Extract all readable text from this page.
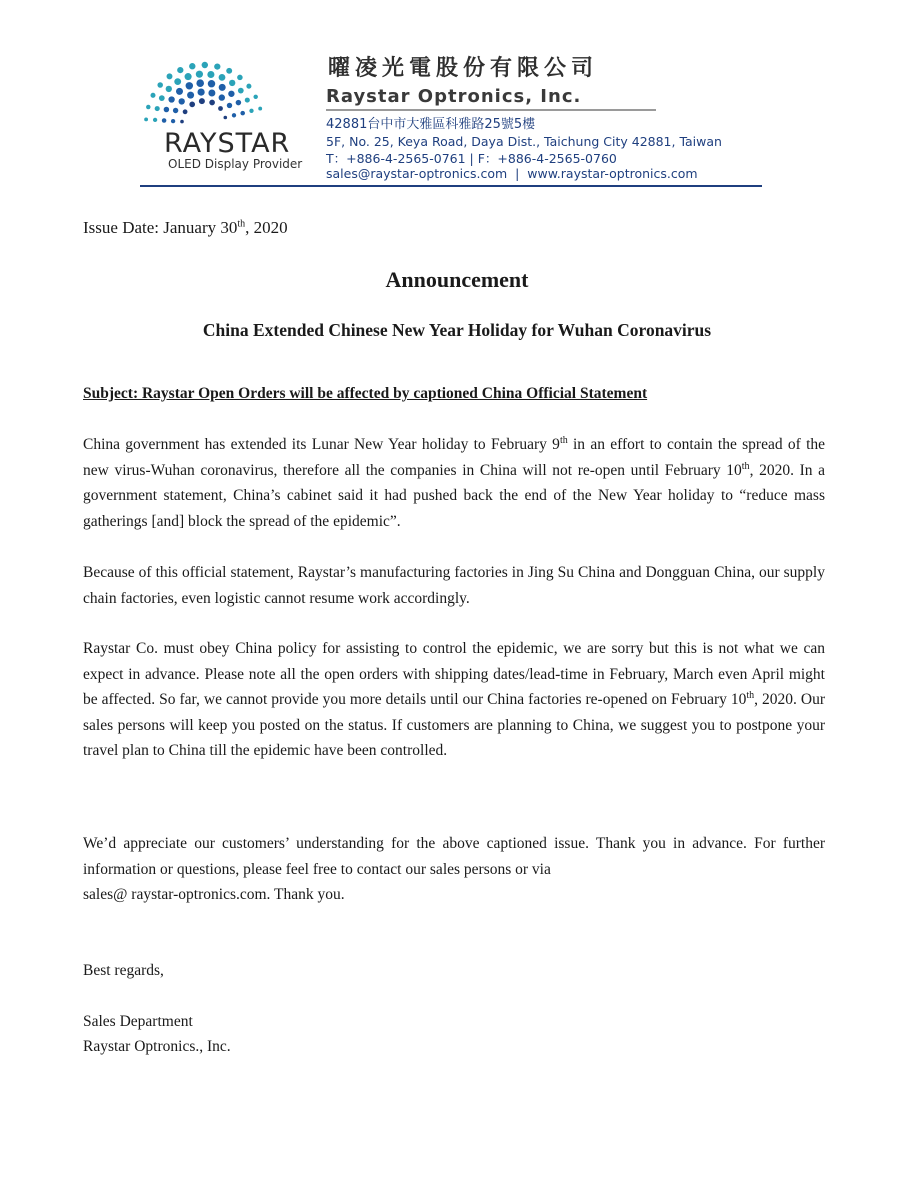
RAYSTAR
OLED Display Provider
曜凌光電股份有限公司
Raystar Optronics, Inc.
42881台中市大雅區科雅路25號5樓
5F, No. 25, Keya Road, Daya Dist., Taichung City 42881, Taiwan
T：+886-4-2565-0761 | F：+886-4-2565-0760
sales@raystar-optronics.com | www.raystar-optronics.com
Issue Date: January 30th, 2020
Announcement
China Extended Chinese New Year Holiday for Wuhan Coronavirus
Subject: Raystar Open Orders will be affected by captioned China Official Statement
China government has extended its Lunar New Year holiday to February 9th in an effort to contain the spread of the new virus-Wuhan coronavirus, therefore all the companies in China will not re-open until February 10th, 2020. In a government statement, China’s cabinet said it had pushed back the end of the New Year holiday to “reduce mass gatherings [and] block the spread of the epidemic”.
Because of this official statement, Raystar’s manufacturing factories in Jing Su China and Dongguan China, our supply chain factories, even logistic cannot resume work accordingly.
Raystar Co. must obey China policy for assisting to control the epidemic, we are sorry but this is not what we can expect in advance. Please note all the open orders with shipping dates/lead-time in February, March even April might be affected. So far, we cannot provide you more details until our China factories re-opened on February 10th, 2020. Our sales persons will keep you posted on the status. If customers are planning to China, we suggest you to postpone your travel plan to China till the epidemic have been controlled.
We’d appreciate our customers’ understanding for the above captioned issue. Thank you in advance. For further information or questions, please feel free to contact our sales persons or via
sales@ raystar-optronics.com. Thank you.
Best regards,
Sales Department
Raystar Optronics., Inc.
